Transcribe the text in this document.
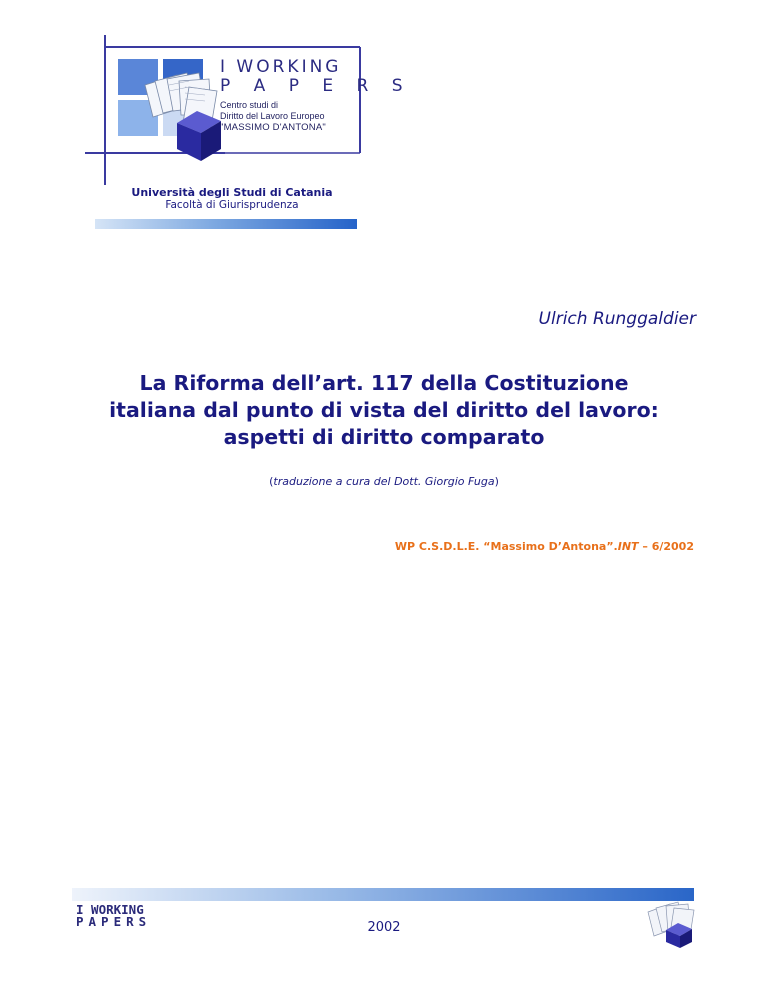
I WORKING
P A P E R S
Centro studi di
Diritto del Lavoro Europeo
"MASSIMO D'ANTONA"
Università degli Studi di Catania
Facoltà di Giurisprudenza
Ulrich Runggaldier
La Riforma dell’art. 117 della Costituzione
italiana dal punto di vista del diritto del lavoro:
aspetti di diritto comparato
(traduzione a cura del Dott. Giorgio Fuga)
WP C.S.D.L.E. “Massimo D’Antona”.INT – 6/2002
I WORKING
PAPERS	2002
